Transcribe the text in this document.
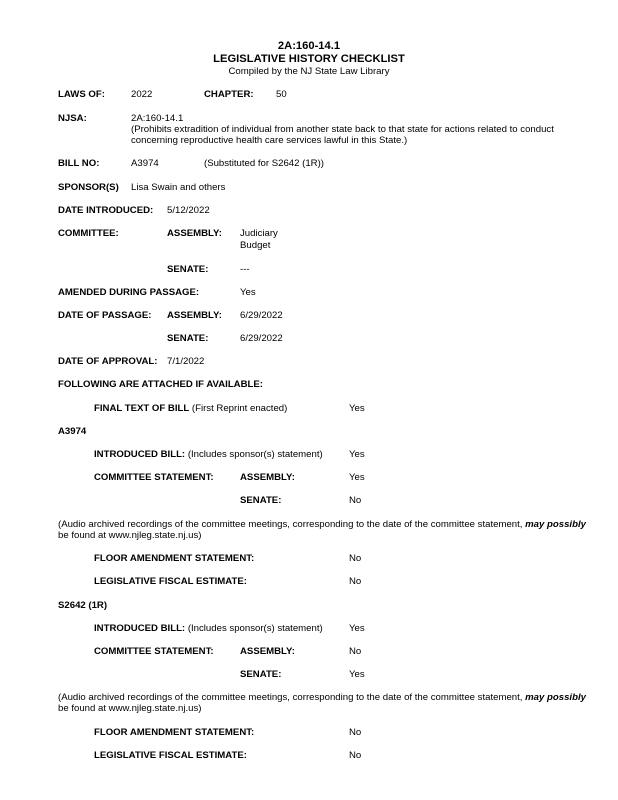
2A:160-14.1
LEGISLATIVE HISTORY CHECKLIST
Compiled by the NJ State Law Library
LAWS OF:	2022	CHAPTER: 50
NJSA:	2A:160-14.1
(Prohibits extradition of individual from another state back to that state for actions related to conduct
concerning reproductive health care services lawful in this State.)
BILL NO:	A3974	(Substituted for S2642 (1R))
SPONSOR(S) Lisa Swain and others
DATE INTRODUCED: 5/12/2022
COMMITTEE:	ASSEMBLY: Judiciary
Budget
SENATE:	---
AMENDED DURING PASSAGE:	Yes
DATE OF PASSAGE: ASSEMBLY: 6/29/2022
SENATE:	6/29/2022
DATE OF APPROVAL: 7/1/2022
FOLLOWING ARE ATTACHED IF AVAILABLE:
FINAL TEXT OF BILL (First Reprint enacted)	Yes
A3974
INTRODUCED BILL: (Includes sponsor(s) statement)	Yes
COMMITTEE STATEMENT:	ASSEMBLY:	Yes
SENATE:	No
(Audio archived recordings of the committee meetings, corresponding to the date of the committee statement, may possibly
be found at www.njleg.state.nj.us)
FLOOR AMENDMENT STATEMENT:	No
LEGISLATIVE FISCAL ESTIMATE:	No
S2642 (1R)
INTRODUCED BILL: (Includes sponsor(s) statement)	Yes
COMMITTEE STATEMENT:	ASSEMBLY:	No
SENATE:	Yes
(Audio archived recordings of the committee meetings, corresponding to the date of the committee statement, may possibly
be found at www.njleg.state.nj.us)
FLOOR AMENDMENT STATEMENT:	No
LEGISLATIVE FISCAL ESTIMATE:	No
